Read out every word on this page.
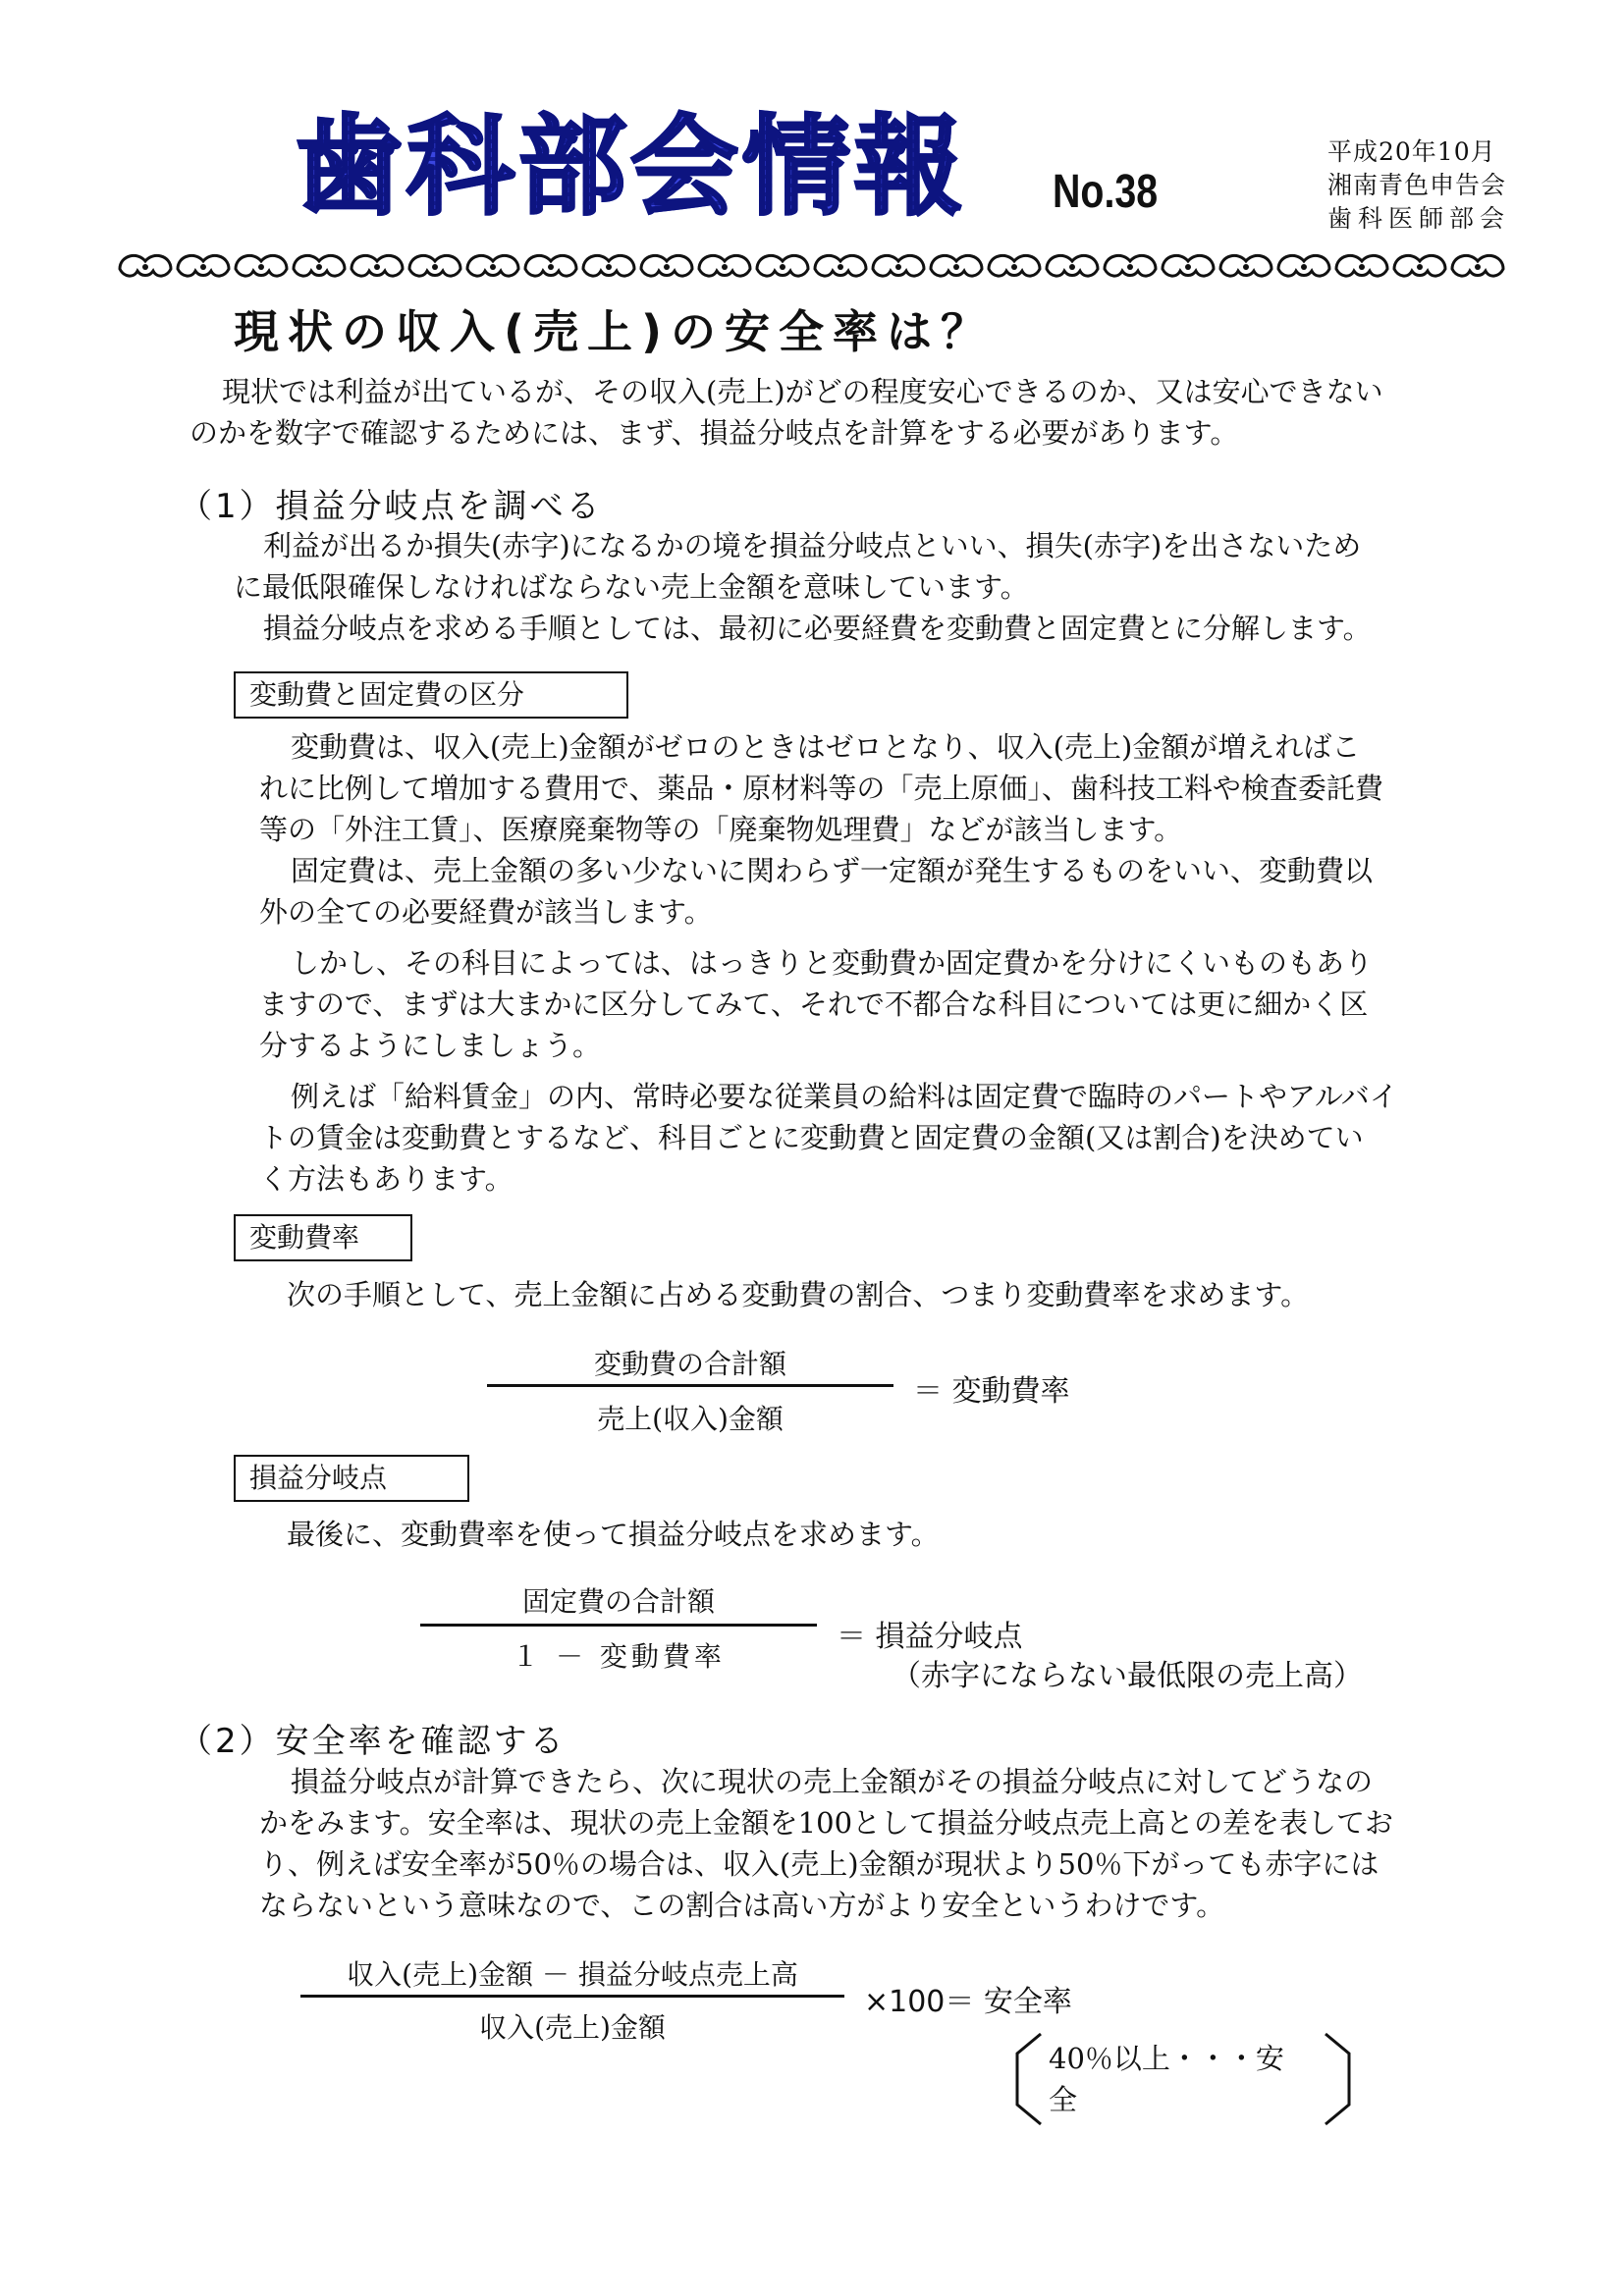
歯科部会情報 No.38
平成20年10月
湘南青色申告会
歯科医師部会
現状の収入(売上)の安全率は？
現状では利益が出ているが、その収入(売上)がどの程度安心できるのか、又は安心できない
のかを数字で確認するためには、まず、損益分岐点を計算をする必要があります。
（1）損益分岐点を調べる
利益が出るか損失(赤字)になるかの境を損益分岐点といい、損失(赤字)を出さないため
に最低限確保しなければならない売上金額を意味しています。
損益分岐点を求める手順としては、最初に必要経費を変動費と固定費とに分解します。
変動費と固定費の区分
変動費は、収入(売上)金額がゼロのときはゼロとなり、収入(売上)金額が増えればこ
れに比例して増加する費用で、薬品・原材料等の「売上原価」、歯科技工料や検査委託費
等の「外注工賃」、医療廃棄物等の「廃棄物処理費」などが該当します。
固定費は、売上金額の多い少ないに関わらず一定額が発生するものをいい、変動費以
外の全ての必要経費が該当します。
しかし、その科目によっては、はっきりと変動費か固定費かを分けにくいものもあり
ますので、まずは大まかに区分してみて、それで不都合な科目については更に細かく区
分するようにしましょう。
例えば「給料賃金」の内、常時必要な従業員の給料は固定費で臨時のパートやアルバイ
トの賃金は変動費とするなど、科目ごとに変動費と固定費の金額(又は割合)を決めてい
く方法もあります。
変動費率
次の手順として、売上金額に占める変動費の割合、つまり変動費率を求めます。
変動費の合計額
売上(収入)金額
＝ 変動費率
損益分岐点
最後に、変動費率を使って損益分岐点を求めます。
固定費の合計額
１ － 変動費率
＝ 損益分岐点
（赤字にならない最低限の売上高）
（2）安全率を確認する
損益分岐点が計算できたら、次に現状の売上金額がその損益分岐点に対してどうなの
かをみます。安全率は、現状の売上金額を100として損益分岐点売上高との差を表してお
り、例えば安全率が50％の場合は、収入(売上)金額が現状より50％下がっても赤字には
ならないという意味なので、この割合は高い方がより安全というわけです。
収入(売上)金額 － 損益分岐点売上高
収入(売上)金額
×100＝ 安全率
40％以上・・・安
全
